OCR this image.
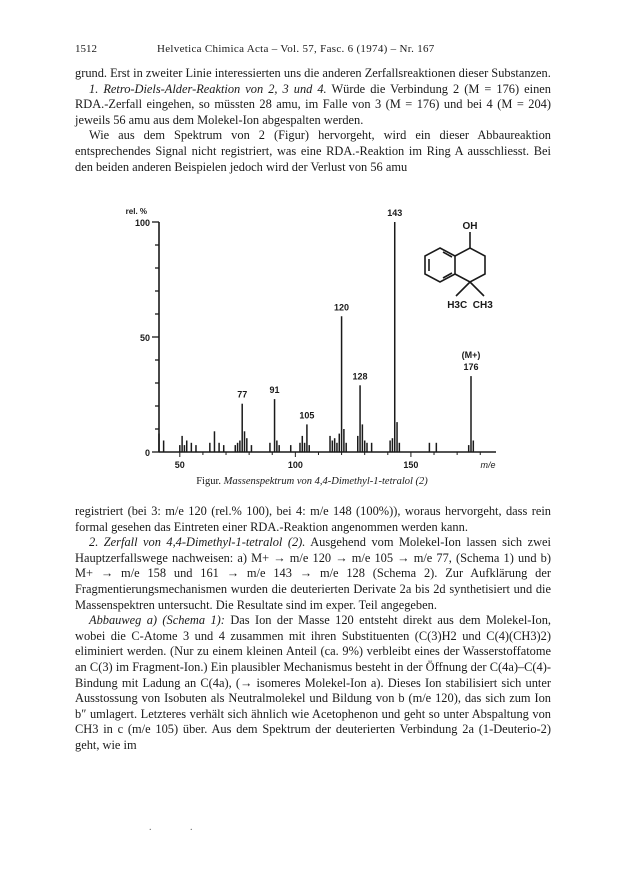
1512	Helvetica Chimica Acta – Vol. 57, Fasc. 6 (1974) – Nr. 167

grund. Erst in zweiter Linie interessierten uns die anderen Zerfallsreaktionen dieser Substanzen.

1. Retro-Diels-Alder-Reaktion von 2, 3 und 4. Würde die Verbindung 2 (M = 176) einen RDA.-Zerfall eingehen, so müssten 28 amu, im Falle von 3 (M = 176) und bei 4 (M = 204) jeweils 56 amu aus dem Molekel-Ion abgespalten werden.

Wie aus dem Spektrum von 2 (Figur) hervorgeht, wird ein dieser Abbaureaktion entsprechendes Signal nicht registriert, was eine RDA.-Reaktion im Ring A ausschliesst. Bei den beiden anderen Beispielen jedoch wird der Verlust von 56 amu

0
50
100
rel. %
50	100	150	m/e
77 91
105
120
128
143
(M+)
176
OH
H3C  CH3
Figur. Massenspektrum von 4,4-Dimethyl-1-tetralol (2)

registriert (bei 3: m/e 120 (rel.% 100), bei 4: m/e 148 (100%)), woraus hervorgeht, dass rein formal gesehen das Eintreten einer RDA.-Reaktion angenommen werden kann.

2. Zerfall von 4,4-Dimethyl-1-tetralol (2). Ausgehend vom Molekel-Ion lassen sich zwei Hauptzerfallswege nachweisen: a) M+ → m/e 120 → m/e 105 → m/e 77, (Schema 1) und b) M+ → m/e 158 und 161 → m/e 143 → m/e 128 (Schema 2). Zur Aufklärung der Fragmentierungsmechanismen wurden die deuterierten Derivate 2a bis 2d synthetisiert und die Massenspektren untersucht. Die Resultate sind im exper. Teil angegeben.

Abbauweg a) (Schema 1): Das Ion der Masse 120 entsteht direkt aus dem Molekel-Ion, wobei die C-Atome 3 und 4 zusammen mit ihren Substituenten (C(3)H2 und C(4)(CH3)2) eliminiert werden. (Nur zu einem kleinen Anteil (ca. 9%) verbleibt eines der Wasserstoffatome an C(3) im Fragment-Ion.) Ein plausibler Mechanismus besteht in der Öffnung der C(4a)–C(4)-Bindung mit Ladung an C(4a), (→ isomeres Molekel-Ion a). Dieses Ion stabilisiert sich unter Ausstossung von Isobuten als Neutralmolekel und Bildung von b (m/e 120), das sich zum Ion b″ umlagert. Letzteres verhält sich ähnlich wie Acetophenon und geht so unter Abspaltung von CH3 in c (m/e 105) über. Aus dem Spektrum der deuterierten Verbindung 2a (1-Deuterio-2) geht, wie im

. .
